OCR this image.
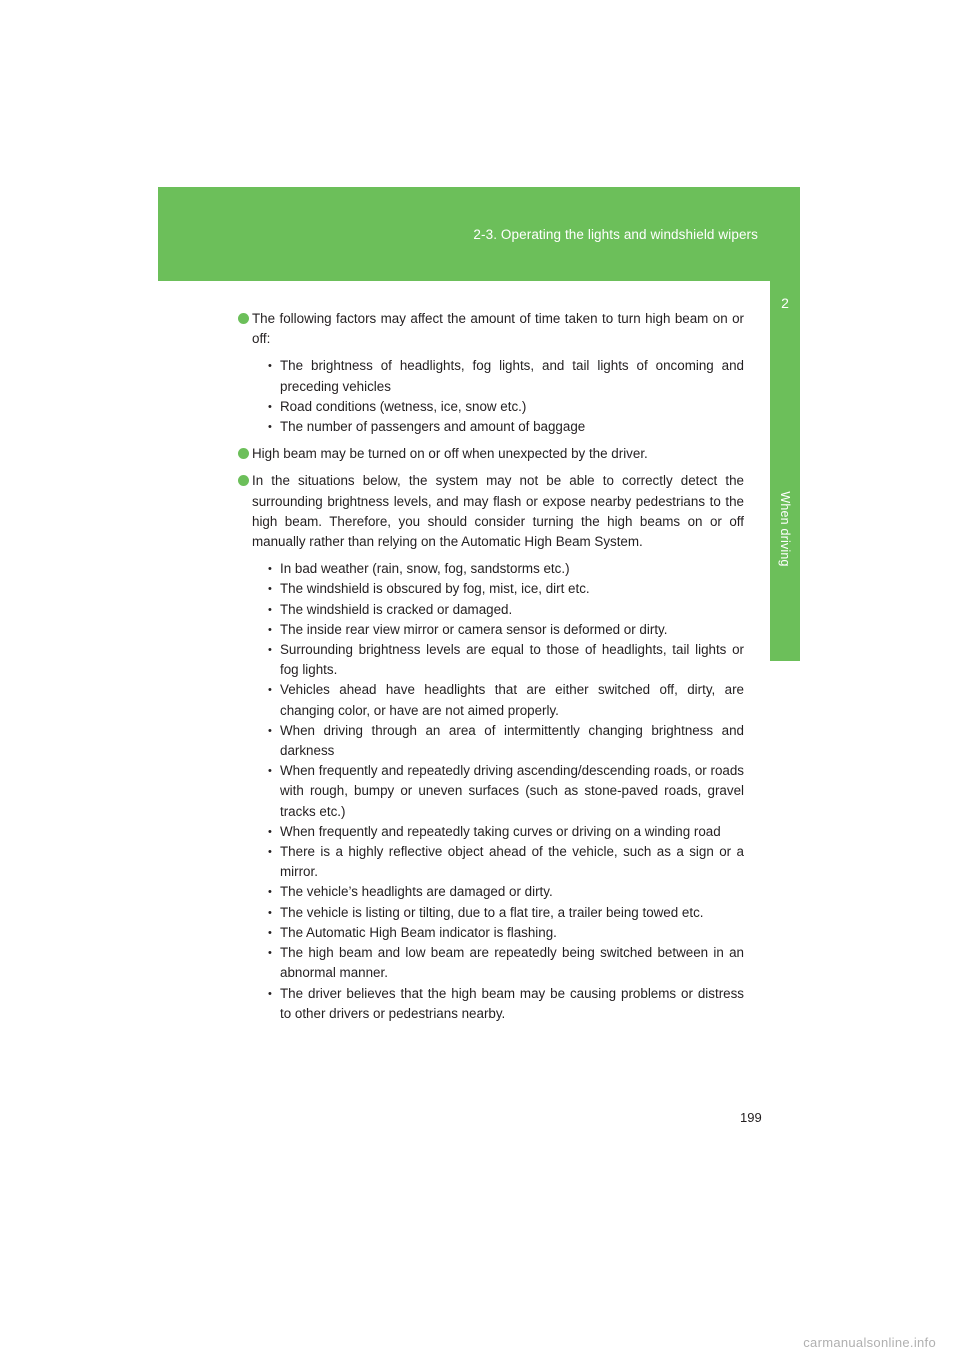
2-3. Operating the lights and windshield wipers
2
When driving
The following factors may affect the amount of time taken to turn high beam on or off:
• The brightness of headlights, fog lights, and tail lights of oncoming and preceding vehicles
• Road conditions (wetness, ice, snow etc.)
• The number of passengers and amount of baggage
High beam may be turned on or off when unexpected by the driver.
In the situations below, the system may not be able to correctly detect the surrounding brightness levels, and may flash or expose nearby pedestrians to the high beam. Therefore, you should consider turning the high beams on or off manually rather than relying on the Automatic High Beam System.
• In bad weather (rain, snow, fog, sandstorms etc.)
• The windshield is obscured by fog, mist, ice, dirt etc.
• The windshield is cracked or damaged.
• The inside rear view mirror or camera sensor is deformed or dirty.
• Surrounding brightness levels are equal to those of headlights, tail lights or fog lights.
• Vehicles ahead have headlights that are either switched off, dirty, are changing color, or have are not aimed properly.
• When driving through an area of intermittently changing brightness and darkness
• When frequently and repeatedly driving ascending/descending roads, or roads with rough, bumpy or uneven surfaces (such as stone-paved roads, gravel tracks etc.)
• When frequently and repeatedly taking curves or driving on a winding road
• There is a highly reflective object ahead of the vehicle, such as a sign or a mirror.
• The vehicle’s headlights are damaged or dirty.
• The vehicle is listing or tilting, due to a flat tire, a trailer being towed etc.
• The Automatic High Beam indicator is flashing.
• The high beam and low beam are repeatedly being switched between in an abnormal manner.
• The driver believes that the high beam may be causing problems or distress to other drivers or pedestrians nearby.
199
carmanualsonline.info
